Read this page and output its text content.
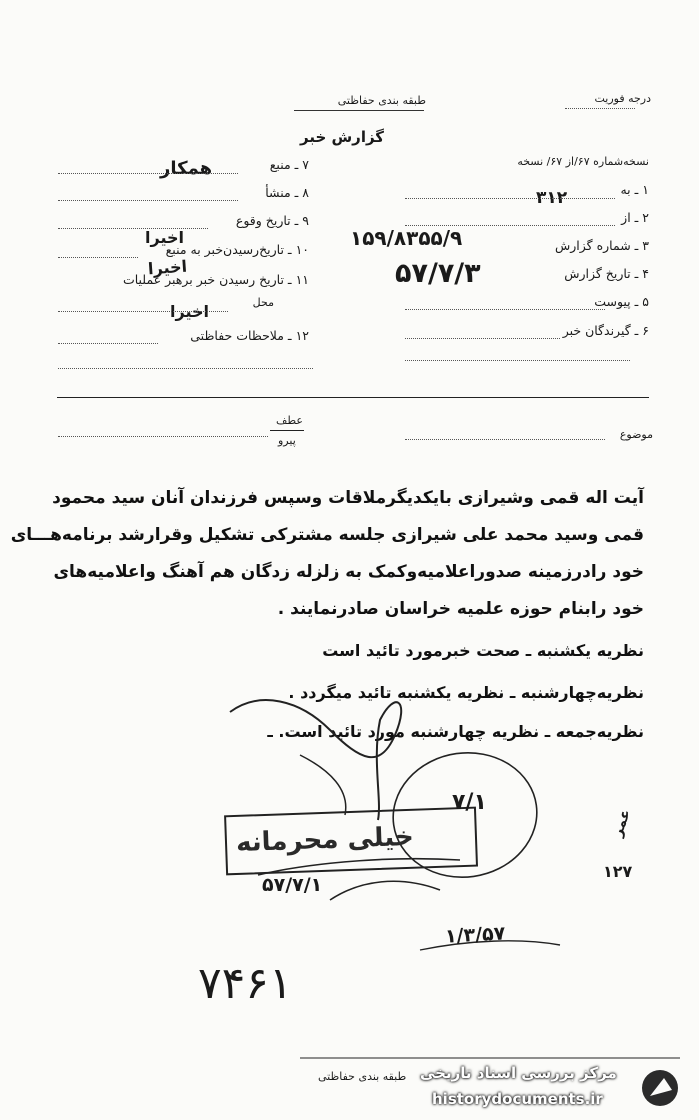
درجه فوریت
طبقه بندی حفاظتی
گزارش خبر
نسخه‌شماره ۶۷/از ۶۷/ نسخه
۱ ـ به
۳۱۲
۲ ـ از
۳ ـ شماره گزارش
۱۵۹/۸۳۵۵/۹
۴ ـ تاریخ گزارش
۵۷/۷/۳
۵ ـ پیوست
۶ ـ گیرندگان خبر
۷ ـ منبع
همکار
۸ ـ منشأ
۹ ـ تاریخ وقوع
اخیرا
۱۰ ـ تاریخ‌رسیدن‌خبر به منبع
اخیرا
۱۱ ـ تاریخ رسیدن خبر برهبر عملیات
محل
اخیرا
۱۲ ـ ملاحظات حفاظتی
موضوع
عطف
پیرو
آیت اله قمی وشیرازی بایکدیگرملاقات وسپس فرزندان آنان سید محمود
قمی وسید محمد علی شیرازی جلسه مشترکی تشکیل وقرارشد برنامه‌هـــای
خود رادرزمینه صدوراعلامیه‌وکمک به زلزله زدگان هم آهنگ واعلامیه‌های
خود رابنام حوزه علمیه خراسان صادرنمایند .
نظریه یکشنبه ـ صحت خبرمورد تائید است
نظریه‌چهارشنبه ـ نظریه یکشنبه تائید میگردد .
نظریه‌جمعه ـ نظریه چهارشنبه مورد تائید است. ـ
خیلی محرمانه
۵۷/۷/۱
۷/۱
عمر
۱۲۷
۱/۳/۵۷
۷۴۶۱
طبقه بندی حفاظتی مرکز بررسی اسناد تاریخی
historydocuments.ir
